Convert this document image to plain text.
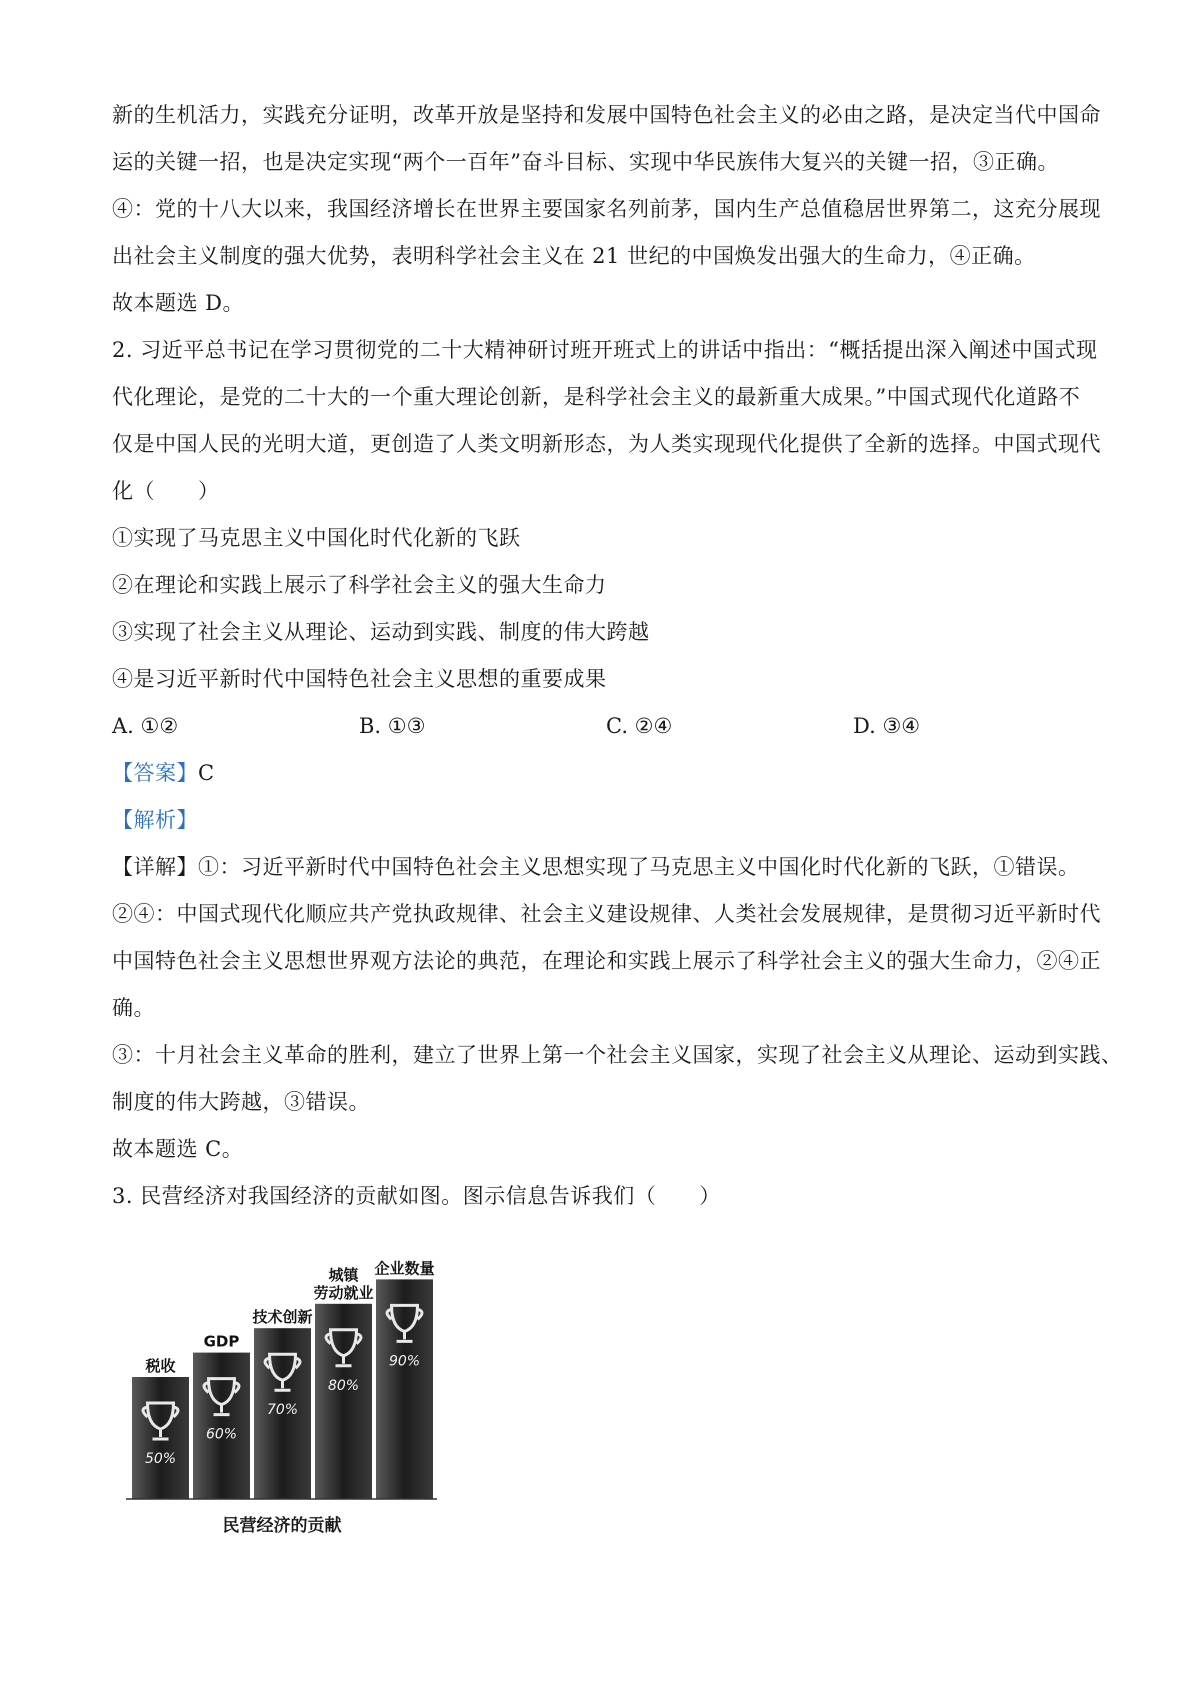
新的生机活力，实践充分证明，改革开放是坚持和发展中国特色社会主义的必由之路，是决定当代中国命
运的关键一招，也是决定实现“两个一百年”奋斗目标、实现中华民族伟大复兴的关键一招，③正确。
④：党的十八大以来，我国经济增长在世界主要国家名列前茅，国内生产总值稳居世界第二，这充分展现
出社会主义制度的强大优势，表明科学社会主义在 21 世纪的中国焕发出强大的生命力，④正确。
故本题选 D。
2. 习近平总书记在学习贯彻党的二十大精神研讨班开班式上的讲话中指出：“概括提出深入阐述中国式现
代化理论，是党的二十大的一个重大理论创新，是科学社会主义的最新重大成果。”中国式现代化道路不
仅是中国人民的光明大道，更创造了人类文明新形态，为人类实现现代化提供了全新的选择。中国式现代
化（　　）
①实现了马克思主义中国化时代化新的飞跃
②在理论和实践上展示了科学社会主义的强大生命力
③实现了社会主义从理论、运动到实践、制度的伟大跨越
④是习近平新时代中国特色社会主义思想的重要成果
A. ①②	B. ①③	C. ②④	D. ③④
【答案】C
【解析】
【详解】①：习近平新时代中国特色社会主义思想实现了马克思主义中国化时代化新的飞跃，①错误。
②④：中国式现代化顺应共产党执政规律、社会主义建设规律、人类社会发展规律，是贯彻习近平新时代
中国特色社会主义思想世界观方法论的典范，在理论和实践上展示了科学社会主义的强大生命力，②④正
确。
③：十月社会主义革命的胜利，建立了世界上第一个社会主义国家，实现了社会主义从理论、运动到实践、
制度的伟大跨越，③错误。
故本题选 C。
3. 民营经济对我国经济的贡献如图。图示信息告诉我们（　　）
50%
税收
60%
GDP
70%
技术创新
80%
城镇
劳动就业
90%
企业数量
民营经济的贡献
